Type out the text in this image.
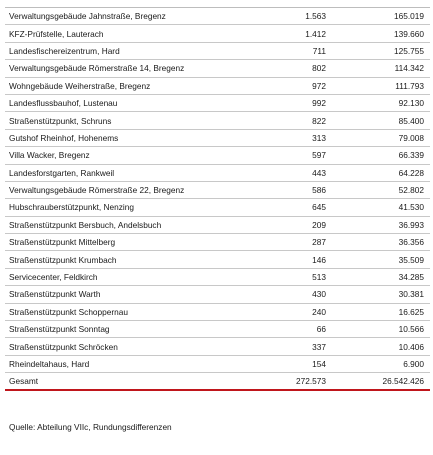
Verwaltungsgebäude Jahnstraße, Bregenz	1.563	165.019
KFZ-Prüfstelle, Lauterach	1.412	139.660
Landesfischereizentrum, Hard	711	125.755
Verwaltungsgebäude Römerstraße 14, Bregenz	802	114.342
Wohngebäude Weiherstraße, Bregenz	972	111.793
Landesflussbauhof, Lustenau	992	92.130
Straßenstützpunkt, Schruns	822	85.400
Gutshof Rheinhof, Hohenems	313	79.008
Villa Wacker, Bregenz	597	66.339
Landesforstgarten, Rankweil	443	64.228
Verwaltungsgebäude Römerstraße 22, Bregenz	586	52.802
Hubschrauberstützpunkt, Nenzing	645	41.530
Straßenstützpunkt Bersbuch, Andelsbuch	209	36.993
Straßenstützpunkt Mittelberg	287	36.356
Straßenstützpunkt Krumbach	146	35.509
Servicecenter, Feldkirch	513	34.285
Straßenstützpunkt Warth	430	30.381
Straßenstützpunkt Schoppernau	240	16.625
Straßenstützpunkt Sonntag	66	10.566
Straßenstützpunkt Schröcken	337	10.406
Rheindeltahaus, Hard	154	6.900
Gesamt	272.573	26.542.426
Quelle: Abteilung VIIc, Rundungsdifferenzen
